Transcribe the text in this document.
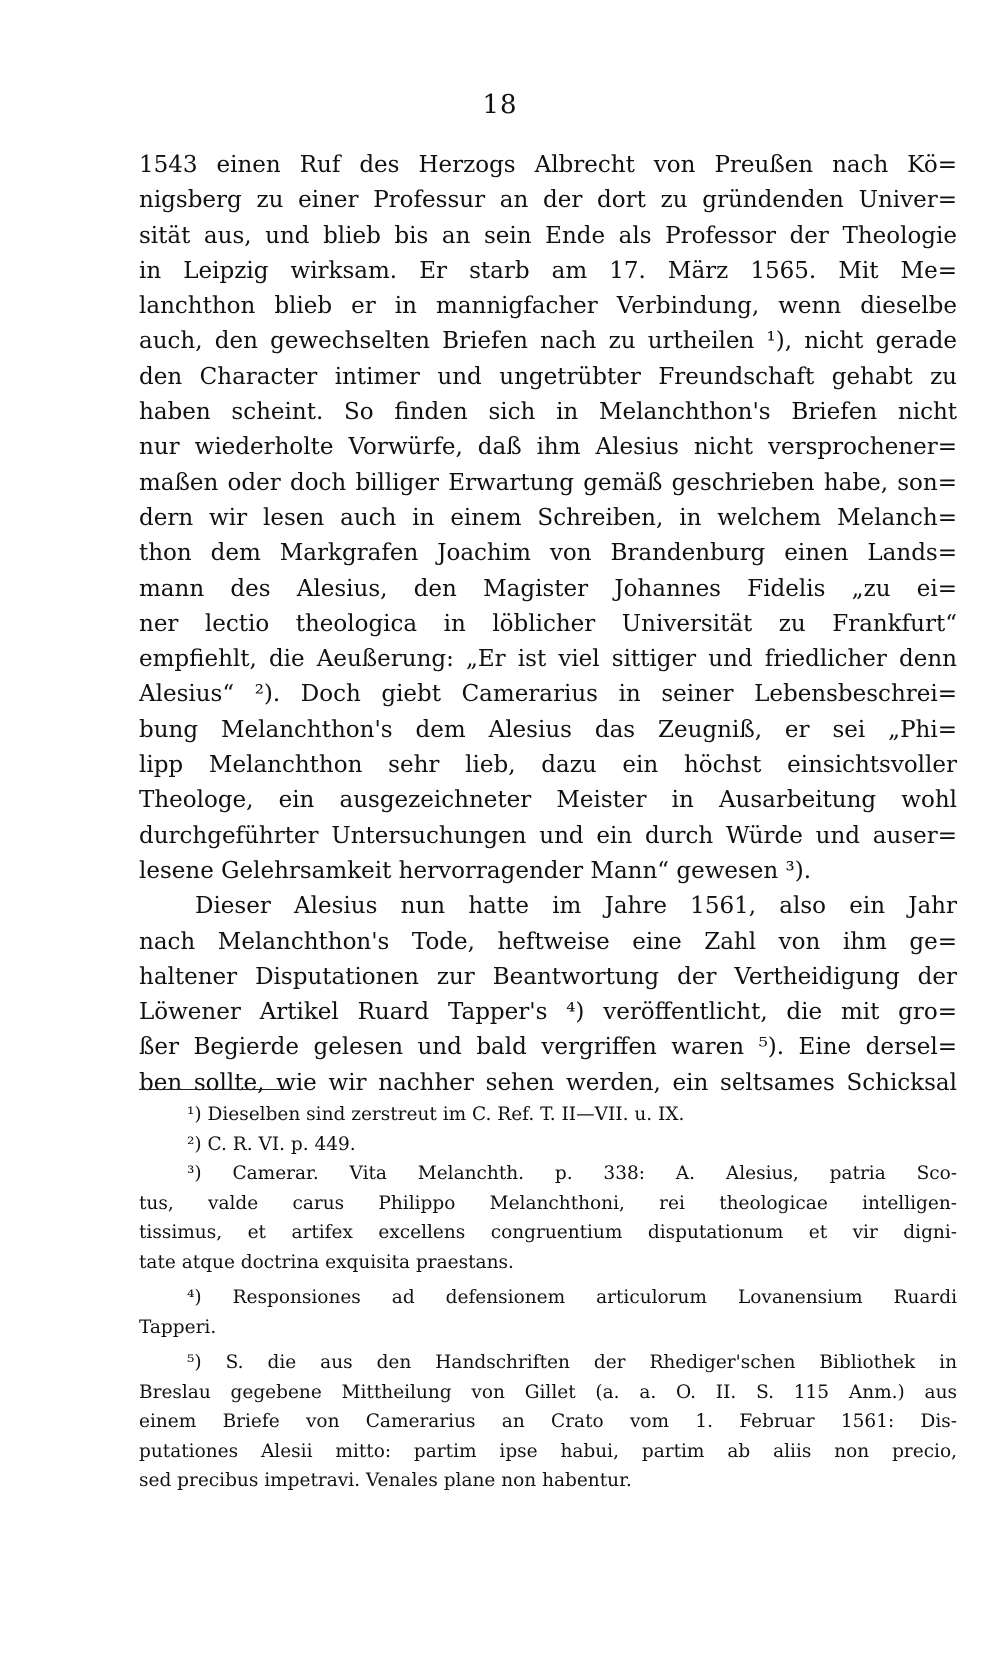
18
1543 einen Ruf des Herzogs Albrecht von Preußen nach Kö=
nigsberg zu einer Professur an der dort zu gründenden Univer=
sität aus, und blieb bis an sein Ende als Professor der Theologie
in Leipzig wirksam. Er starb am 17. März 1565. Mit Me=
lanchthon blieb er in mannigfacher Verbindung, wenn dieselbe
auch, den gewechselten Briefen nach zu urtheilen ¹), nicht gerade
den Character intimer und ungetrübter Freundschaft gehabt zu
haben scheint. So finden sich in Melanchthon's Briefen nicht
nur wiederholte Vorwürfe, daß ihm Alesius nicht versprochener=
maßen oder doch billiger Erwartung gemäß geschrieben habe, son=
dern wir lesen auch in einem Schreiben, in welchem Melanch=
thon dem Markgrafen Joachim von Brandenburg einen Lands=
mann des Alesius, den Magister Johannes Fidelis „zu ei=
ner lectio theologica in löblicher Universität zu Frankfurt“
empfiehlt, die Aeußerung: „Er ist viel sittiger und friedlicher denn
Alesius“ ²). Doch giebt Camerarius in seiner Lebensbeschrei=
bung Melanchthon's dem Alesius das Zeugniß, er sei „Phi=
lipp Melanchthon sehr lieb, dazu ein höchst einsichtsvoller
Theologe, ein ausgezeichneter Meister in Ausarbeitung wohl
durchgeführter Untersuchungen und ein durch Würde und auser=
lesene Gelehrsamkeit hervorragender Mann“ gewesen ³).
Dieser Alesius nun hatte im Jahre 1561, also ein Jahr
nach Melanchthon's Tode, heftweise eine Zahl von ihm ge=
haltener Disputationen zur Beantwortung der Vertheidigung der
Löwener Artikel Ruard Tapper's ⁴) veröffentlicht, die mit gro=
ßer Begierde gelesen und bald vergriffen waren ⁵). Eine dersel=
ben sollte, wie wir nachher sehen werden, ein seltsames Schicksal
¹) Dieselben sind zerstreut im C. Ref. T. II—VII. u. IX.
²) C. R. VI. p. 449.
³) Camerar. Vita Melanchth. p. 338: A. Alesius, patria Sco-
tus, valde carus Philippo Melanchthoni, rei theologicae intelligen-
tissimus, et artifex excellens congruentium disputationum et vir digni-
tate atque doctrina exquisita praestans.
⁴) Responsiones ad defensionem articulorum Lovanensium Ruardi
Tapperi.
⁵) S. die aus den Handschriften der Rhediger'schen Bibliothek in
Breslau gegebene Mittheilung von Gillet (a. a. O. II. S. 115 Anm.) aus
einem Briefe von Camerarius an Crato vom 1. Februar 1561: Dis-
putationes Alesii mitto: partim ipse habui, partim ab aliis non precio,
sed precibus impetravi. Venales plane non habentur.
